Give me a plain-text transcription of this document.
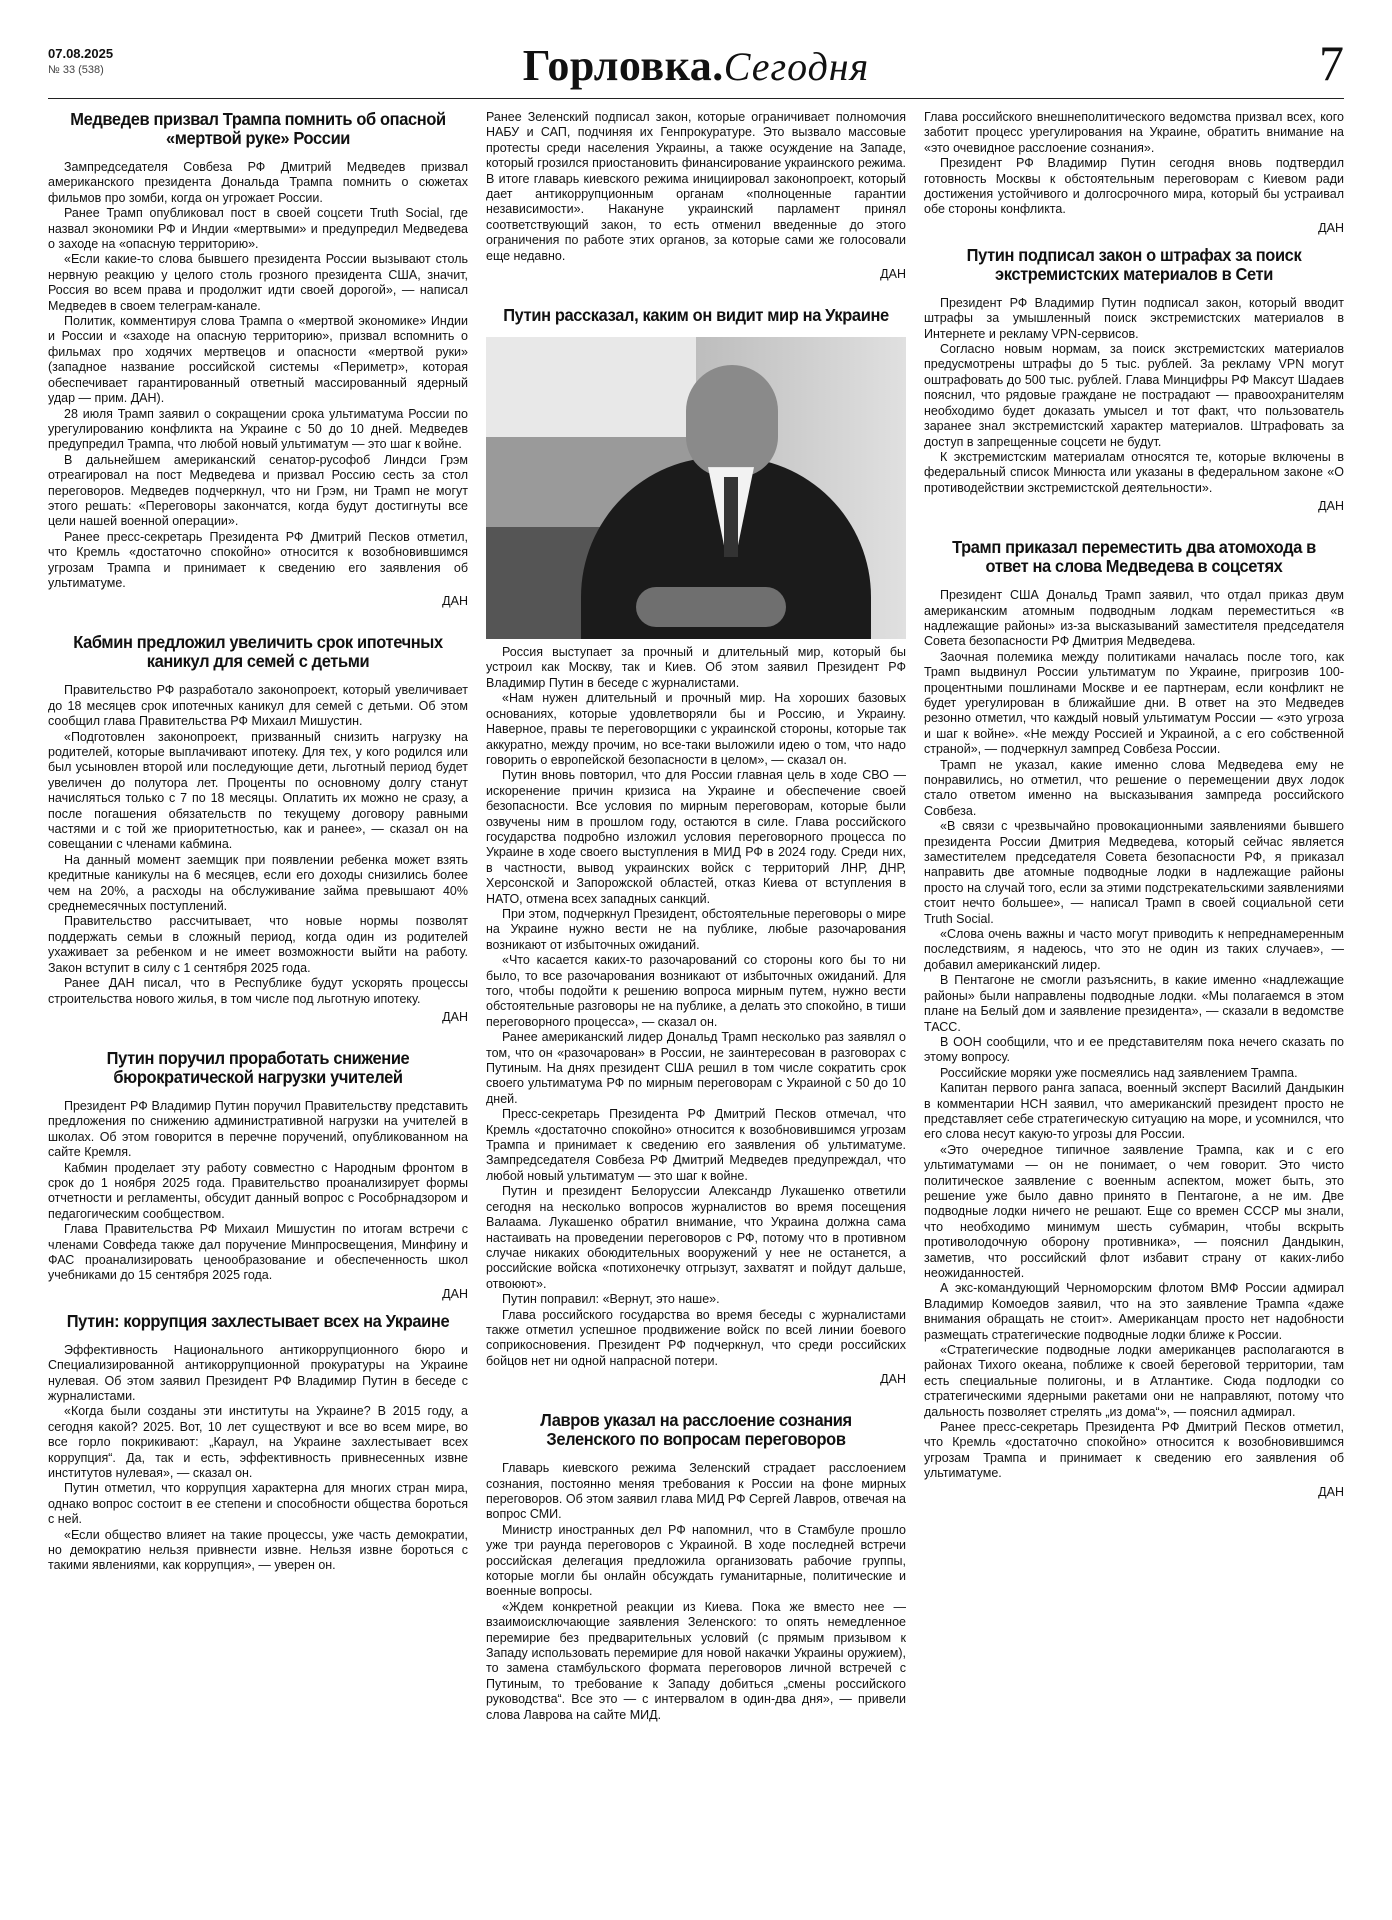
07.08.2025
№ 33 (538)	Горловка.Сегодня	7
Медведев призвал Трампа помнить об опасной «мертвой руке» России

Зампредседателя Совбеза РФ Дмитрий Медведев призвал американского президента Дональда Трампа помнить о сюжетах фильмов про зомби, когда он угрожает России.

Ранее Трамп опубликовал пост в своей соцсети Truth Social, где назвал экономики РФ и Индии «мертвыми» и предупредил Медведева о заходе на «опасную территорию».

«Если какие-то слова бывшего президента России вызывают столь нервную реакцию у целого столь грозного президента США, значит, Россия во всем права и продолжит идти своей дорогой», — написал Медведев в своем телеграм-канале.

Политик, комментируя слова Трампа о «мертвой экономике» Индии и России и «заходе на опасную территорию», призвал вспомнить о фильмах про ходячих мертвецов и опасности «мертвой руки» (западное название российской системы «Периметр», которая обеспечивает гарантированный ответный массированный ядерный удар — прим. ДАН).

28 июля Трамп заявил о сокращении срока ультиматума России по урегулированию конфликта на Украине с 50 до 10 дней. Медведев предупредил Трампа, что любой новый ультиматум — это шаг к войне.

В дальнейшем американский сенатор-русофоб Линдси Грэм отреагировал на пост Медведева и призвал Россию сесть за стол переговоров. Медведев подчеркнул, что ни Грэм, ни Трамп не могут этого решать: «Переговоры закончатся, когда будут достигнуты все цели нашей военной операции».

Ранее пресс-секретарь Президента РФ Дмитрий Песков отметил, что Кремль «достаточно спокойно» относится к возобновившимся угрозам Трампа и принимает к сведению его заявления об ультиматуме.

ДАН
Кабмин предложил увеличить срок ипотечных каникул для семей с детьми

Правительство РФ разработало законопроект, который увеличивает до 18 месяцев срок ипотечных каникул для семей с детьми. Об этом сообщил глава Правительства РФ Михаил Мишустин.

«Подготовлен законопроект, призванный снизить нагрузку на родителей, которые выплачивают ипотеку. Для тех, у кого родился или был усыновлен второй или последующие дети, льготный период будет увеличен до полутора лет. Проценты по основному долгу станут начисляться только с 7 по 18 месяцы. Оплатить их можно не сразу, а после погашения обязательств по текущему договору равными частями и с той же приоритетностью, как и ранее», — сказал он на совещании с членами кабмина.

На данный момент заемщик при появлении ребенка может взять кредитные каникулы на 6 месяцев, если его доходы снизились более чем на 20%, а расходы на обслуживание займа превышают 40% среднемесячных поступлений.

Правительство рассчитывает, что новые нормы позволят поддержать семьи в сложный период, когда один из родителей ухаживает за ребенком и не имеет возможности выйти на работу. Закон вступит в силу с 1 сентября 2025 года.

Ранее ДАН писал, что в Республике будут ускорять процессы строительства нового жилья, в том числе под льготную ипотеку.

ДАН
Путин поручил проработать снижение бюрократической нагрузки учителей

Президент РФ Владимир Путин поручил Правительству представить предложения по снижению административной нагрузки на учителей в школах. Об этом говорится в перечне поручений, опубликованном на сайте Кремля.

Кабмин проделает эту работу совместно с Народным фронтом в срок до 1 ноября 2025 года. Правительство проанализирует формы отчетности и регламенты, обсудит данный вопрос с Рособрнадзором и педагогическим сообществом.

Глава Правительства РФ Михаил Мишустин по итогам встречи с членами Совфеда также дал поручение Минпросвещения, Минфину и ФАС проанализировать ценообразование и обеспеченность школ учебниками до 15 сентября 2025 года.

ДАН
Путин: коррупция захлестывает всех на Украине

Эффективность Национального антикоррупционного бюро и Специализированной антикоррупционной прокуратуры на Украине нулевая. Об этом заявил Президент РФ Владимир Путин в беседе с журналистами.

«Когда были созданы эти институты на Украине? В 2015 году, а сегодня какой? 2025. Вот, 10 лет существуют и все во всем мире, во все горло покрикивают: „Караул, на Украине захлестывает всех коррупция“. Да, так и есть, эффективность привнесенных извне институтов нулевая», — сказал он.

Путин отметил, что коррупция характерна для многих стран мира, однако вопрос состоит в ее степени и способности общества бороться с ней.

«Если общество влияет на такие процессы, уже часть демократии, но демократию нельзя привнести извне. Нельзя извне бороться с такими явлениями, как коррупция», — уверен он.

Ранее Зеленский подписал закон, которые ограничивает полномочия НАБУ и САП, подчиняя их Генпрокуратуре. Это вызвало массовые протесты среди населения Украины, а также осуждение на Западе, который грозился приостановить финансирование украинского режима. В итоге главарь киевского режима инициировал законопроект, который дает антикоррупционным органам «полноценные гарантии независимости». Накануне украинский парламент принял соответствующий закон, то есть отменил введенные до этого ограничения по работе этих органов, за которые сами же голосовали еще недавно.

ДАН
Путин рассказал, каким он видит мир на Украине

Россия выступает за прочный и длительный мир, который бы устроил как Москву, так и Киев. Об этом заявил Президент РФ Владимир Путин в беседе с журналистами.

«Нам нужен длительный и прочный мир. На хороших базовых основаниях, которые удовлетворяли бы и Россию, и Украину. Наверное, правы те переговорщики с украинской стороны, которые так аккуратно, между прочим, но все-таки выложили идею о том, что надо говорить о европейской безопасности в целом», — сказал он.

Путин вновь повторил, что для России главная цель в ходе СВО — искоренение причин кризиса на Украине и обеспечение своей безопасности. Все условия по мирным переговорам, которые были озвучены ним в прошлом году, остаются в силе. Глава российского государства подробно изложил условия переговорного процесса по Украине в ходе своего выступления в МИД РФ в 2024 году. Среди них, в частности, вывод украинских войск с территорий ЛНР, ДНР, Херсонской и Запорожской областей, отказ Киева от вступления в НАТО, отмена всех западных санкций.

При этом, подчеркнул Президент, обстоятельные переговоры о мире на Украине нужно вести не на публике, любые разочарования возникают от избыточных ожиданий.

«Что касается каких-то разочарований со стороны кого бы то ни было, то все разочарования возникают от избыточных ожиданий. Для того, чтобы подойти к решению вопроса мирным путем, нужно вести обстоятельные разговоры не на публике, а делать это спокойно, в тиши переговорного процесса», — сказал он.

Ранее американский лидер Дональд Трамп несколько раз заявлял о том, что он «разочарован» в России, не заинтересован в разговорах с Путиным. На днях президент США решил в том числе сократить срок своего ультиматума РФ по мирным переговорам с Украиной с 50 до 10 дней.

Пресс-секретарь Президента РФ Дмитрий Песков отмечал, что Кремль «достаточно спокойно» относится к возобновившимся угрозам Трампа и принимает к сведению его заявления об ультиматуме. Зампредседателя Совбеза РФ Дмитрий Медведев предупреждал, что любой новый ультиматум — это шаг к войне.

Путин и президент Белоруссии Александр Лукашенко ответили сегодня на несколько вопросов журналистов во время посещения Валаама. Лукашенко обратил внимание, что Украина должна сама настаивать на проведении переговоров с РФ, потому что в противном случае никаких обоюдительных вооружений у нее не останется, а российские войска «потихонечку отгрызут, захватят и пойдут дальше, отвоюют».

Путин поправил: «Вернут, это наше».

Глава российского государства во время беседы с журналистами также отметил успешное продвижение войск по всей линии боевого соприкосновения. Президент РФ подчеркнул, что среди российских бойцов нет ни одной напрасной потери.

ДАН
Лавров указал на расслоение сознания Зеленского по вопросам переговоров

Главарь киевского режима Зеленский страдает расслоением сознания, постоянно меняя требования к России на фоне мирных переговоров. Об этом заявил глава МИД РФ Сергей Лавров, отвечая на вопрос СМИ.

Министр иностранных дел РФ напомнил, что в Стамбуле прошло уже три раунда переговоров с Украиной. В ходе последней встречи российская делегация предложила организовать рабочие группы, которые могли бы онлайн обсуждать гуманитарные, политические и военные вопросы.

«Ждем конкретной реакции из Киева. Пока же вместо нее — взаимоисключающие заявления Зеленского: то опять немедленное перемирие без предварительных условий (с прямым призывом к Западу использовать перемирие для новой накачки Украины оружием), то замена стамбульского формата переговоров личной встречей с Путиным, то требование к Западу добиться „смены российского руководства“. Все это — с интервалом в один-два дня», — привели слова Лаврова на сайте МИД.

Глава российского внешнеполитического ведомства призвал всех, кого заботит процесс урегулирования на Украине, обратить внимание на «это очевидное расслоение сознания».

Президент РФ Владимир Путин сегодня вновь подтвердил готовность Москвы к обстоятельным переговорам с Киевом ради достижения устойчивого и долгосрочного мира, который бы устраивал обе стороны конфликта.

ДАН
Путин подписал закон о штрафах за поиск экстремистских материалов в Сети

Президент РФ Владимир Путин подписал закон, который вводит штрафы за умышленный поиск экстремистских материалов в Интернете и рекламу VPN-сервисов.

Согласно новым нормам, за поиск экстремистских материалов предусмотрены штрафы до 5 тыс. рублей. За рекламу VPN могут оштрафовать до 500 тыс. рублей. Глава Минцифры РФ Максут Шадаев пояснил, что рядовые граждане не пострадают — правоохранителям необходимо будет доказать умысел и тот факт, что пользователь заранее знал экстремистский характер материалов. Штрафовать за доступ в запрещенные соцсети не будут.

К экстремистским материалам относятся те, которые включены в федеральный список Минюста или указаны в федеральном законе «О противодействии экстремистской деятельности».

ДАН
Трамп приказал переместить два атомохода в ответ на слова Медведева в соцсетях

Президент США Дональд Трамп заявил, что отдал приказ двум американским атомным подводным лодкам переместиться «в надлежащие районы» из-за высказываний заместителя председателя Совета безопасности РФ Дмитрия Медведева.

Заочная полемика между политиками началась после того, как Трамп выдвинул России ультиматум по Украине, пригрозив 100-процентными пошлинами Москве и ее партнерам, если конфликт не будет урегулирован в ближайшие дни. В ответ на это Медведев резонно отметил, что каждый новый ультиматум России — «это угроза и шаг к войне». «Не между Россией и Украиной, а с его собственной страной», — подчеркнул зампред Совбеза России.

Трамп не указал, какие именно слова Медведева ему не понравились, но отметил, что решение о перемещении двух лодок стало ответом именно на высказывания зампреда российского Совбеза.

«В связи с чрезвычайно провокационными заявлениями бывшего президента России Дмитрия Медведева, который сейчас является заместителем председателя Совета безопасности РФ, я приказал направить две атомные подводные лодки в надлежащие районы просто на случай того, если за этими подстрекательскими заявлениями стоит нечто большее», — написал Трамп в своей социальной сети Truth Social.

«Слова очень важны и часто могут приводить к непреднамеренным последствиям, я надеюсь, что это не один из таких случаев», — добавил американский лидер.

В Пентагоне не смогли разъяснить, в какие именно «надлежащие районы» были направлены подводные лодки. «Мы полагаемся в этом плане на Белый дом и заявление президента», — сказали в ведомстве ТАСС.

В ООН сообщили, что и ее представителям пока нечего сказать по этому вопросу.

Российские моряки уже посмеялись над заявлением Трампа.

Капитан первого ранга запаса, военный эксперт Василий Дандыкин в комментарии НСН заявил, что американский президент просто не представляет себе стратегическую ситуацию на море, и усомнился, что его слова несут какую-то угрозы для России.

«Это очередное типичное заявление Трампа, как и с его ультиматумами — он не понимает, о чем говорит. Это чисто политическое заявление с военным аспектом, может быть, это решение уже было давно принято в Пентагоне, а не им. Две подводные лодки ничего не решают. Еще со времен СССР мы знали, что необходимо минимум шесть субмарин, чтобы вскрыть противолодочную оборону противника», — пояснил Дандыкин, заметив, что российский флот избавит страну от каких-либо неожиданностей.

А экс-командующий Черноморским флотом ВМФ России адмирал Владимир Комоедов заявил, что на это заявление Трампа «даже внимания обращать не стоит». Американцам просто нет надобности размещать стратегические подводные лодки ближе к России.

«Стратегические подводные лодки американцев располагаются в районах Тихого океана, поближе к своей береговой территории, там есть специальные полигоны, и в Атлантике. Сюда подлодки со стратегическими ядерными ракетами они не направляют, потому что дальность позволяет стрелять „из дома“», — пояснил адмирал.

Ранее пресс-секретарь Президента РФ Дмитрий Песков отметил, что Кремль «достаточно спокойно» относится к возобновившимся угрозам Трампа и принимает к сведению его заявления об ультиматуме.

ДАН
